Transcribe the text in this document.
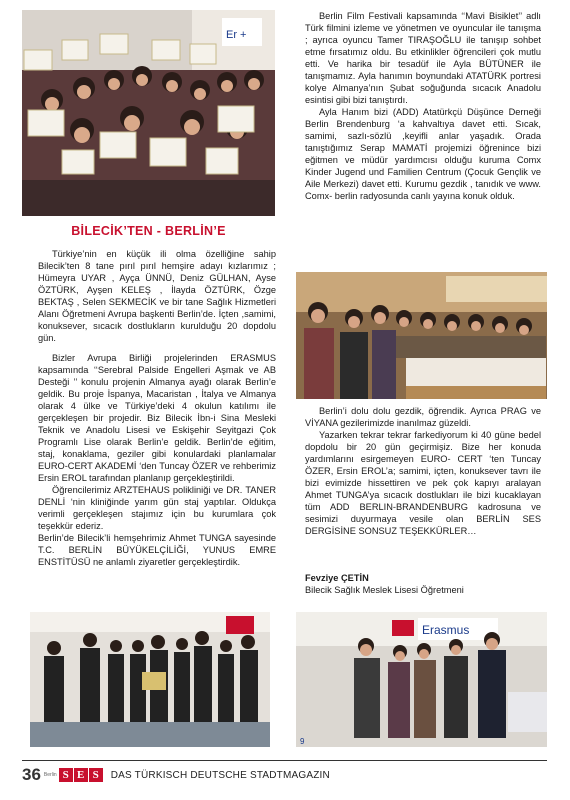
Er +
BİLECİK’TEN - BERLİN’E

Türkiye’nin en küçük ili olma özelliğine sahip Bilecik’ten 8 tane pırıl pırıl hemşire adayı kızlarımız ; Hümeyra UYAR , Ayça ÜNNÜ, Deniz GÜLHAN, Ayse ÖZTÜRK, Ayşen KELEŞ , İlayda ÖZTÜRK, Özge BEKTAŞ , Selen SEKMECİK ve bir tane Sağlık Hizmetleri Alanı Öğretmeni Avrupa başkenti Berlin’de. İçten ,samimi, konuksever, sıcacık dostlukların kurulduğu 20 dopdolu gün.

Bizler Avrupa Birliği projelerinden ERASMUS kapsamında ‘‘Serebral Palside Engelleri Aşmak ve AB Desteği ’’ konulu projenin Almanya ayağı olarak Berlin’e geldik. Bu proje İspanya, Macaristan , İtalya ve Almanya olarak 4 ülke ve Türkiye’deki 4 okulun katılımı ile gerçekleşen bir projedir. Biz Bilecik İbn-i Sina Mesleki Teknik ve Anadolu Lisesi ve Eskişehir Seyitgazi Çok Programlı Lise olarak Berlin’e geldik. Berlin’de eğitim, staj, konaklama, geziler gibi konulardaki planlamalar EURO-CERT AKADEMİ ‘den Tuncay ÖZER ve rehberimiz Ersin EROL tarafından planlanıp gerçekleştirildi.

Öğrencilerimiz ARZTEHAUS polikliniği ve DR. TANER DENLİ ‘nin kliniğinde yarım gün staj yaptılar. Oldukça verimli gerçekleşen stajımız için bu kurumlara çok teşekkür ederiz.

Berlin’de Bilecik’li hemşehrimiz Ahmet TUNGA sayesinde T.C. BERLİN BÜYÜKELÇİLİĞİ, YUNUS EMRE ENSTİTÜSÜ ne anlamlı ziyaretler gerçekleştirdik.

Berlin Film Festivali kapsamında ‘‘Mavi Bisiklet’’ adlı Türk filmini izleme ve yönetmen ve oyuncular ile tanışma ; ayrıca oyuncu Tamer TIRAŞOĞLU ile tanışıp sohbet etme fırsatımız oldu. Bu etkinlikler öğrencileri çok mutlu etti. Ve harika bir tesadüf ile Ayla BÜTÜNER ile tanışmamız. Ayla hanımın boynundaki ATATÜRK portresi kolye Almanya’nın Şubat soğuğunda sıcacık Anadolu esintisi gibi bizi tanıştırdı.

Ayla Hanım bizi (ADD) Atatürkçü Düşünce Derneği Berlin Brendenburg ‘a kahvaltıya davet etti. Sıcak, samimi, sazlı-sözlü ,keyifli anlar yaşadık. Orada tanıştığımız Serap MAMATİ projemizi öğrenince bizi eğitmen ve müdür yardımcısı olduğu kuruma Comx Kinder Jugend und Familien Centrum (Çocuk Gençlik ve Aile Merkezi) davet etti. Kurumu gezdik , tanıdık ve www. Comx- berlin radyosunda canlı yayına konuk olduk.

Berlin’i dolu dolu gezdik, öğrendik. Ayrıca PRAG ve VİYANA gezilerimizde inanılmaz güzeldi.

Yazarken tekrar tekrar farkediyorum ki 40 güne bedel dopdolu bir 20 gün geçirmişiz. Bize her konuda yardımlarını esirgemeyen EURO- CERT ‘ten Tuncay ÖZER, Ersin EROL’a; samimi, içten, konuksever tavrı ile bizi evimizde hissettiren ve pek çok kapıyı aralayan Ahmet TUNGA’ya sıcacık dostlukları ile bizi kucaklayan tüm ADD BERLIN-BRANDENBURG kadrosuna ve sesimizi duyurmaya vesile olan BERLİN SES DERGİSİNE SONSUZ TEŞEKKÜRLER…

Fevziye ÇETİN
Bilecik Sağlık Meslek Lisesi Öğretmeni
Erasmus
9
36 Berlin S E S	DAS TÜRKISCH DEUTSCHE STADTMAGAZIN
